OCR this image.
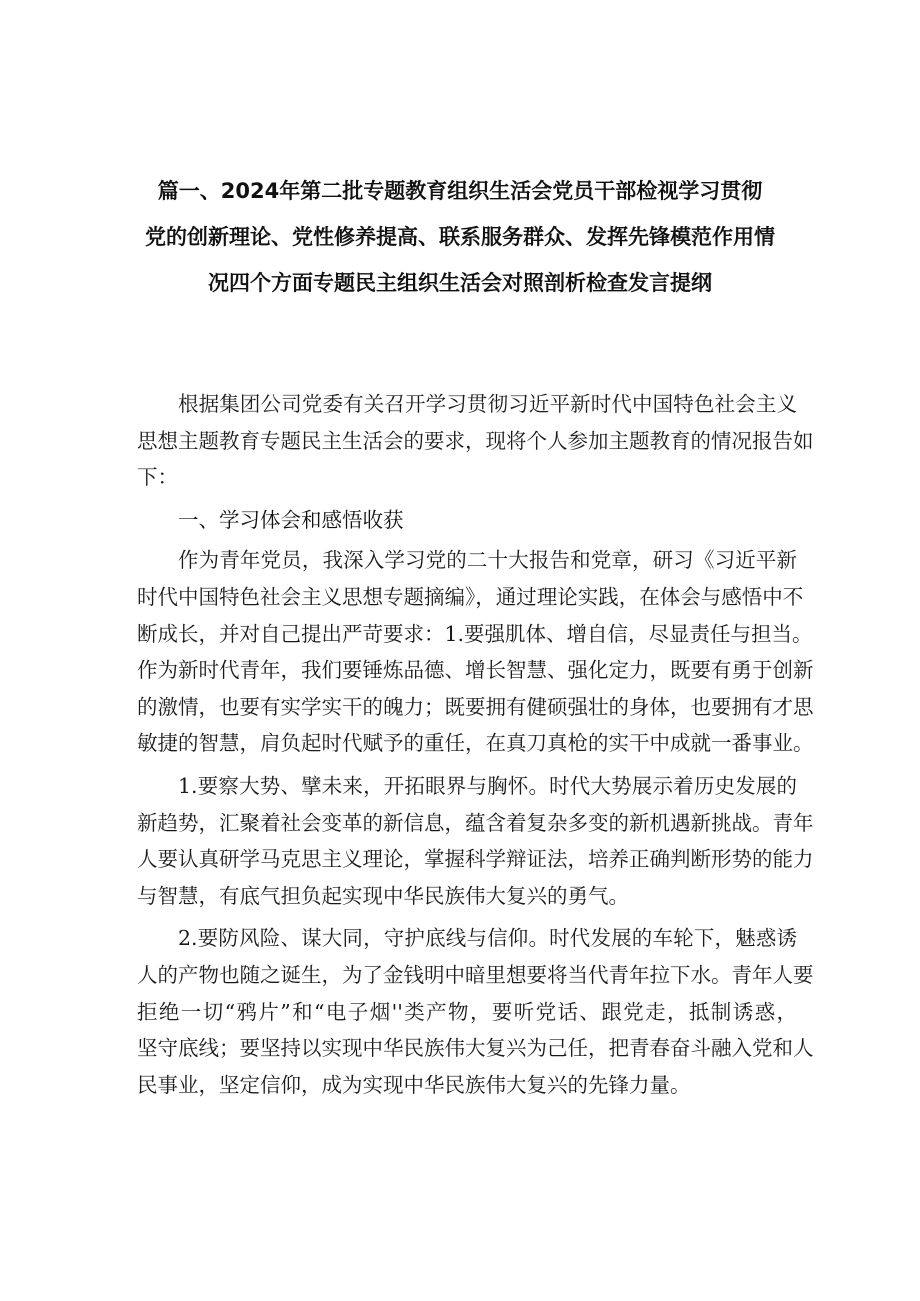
篇一、2024年第二批专题教育组织生活会党员干部检视学习贯彻
党的创新理论、党性修养提高、联系服务群众、发挥先锋模范作用情
况四个方面专题民主组织生活会对照剖析检查发言提纲
根据集团公司党委有关召开学习贯彻习近平新时代中国特色社会主义
思想主题教育专题民主生活会的要求，现将个人参加主题教育的情况报告如
下：
一、学习体会和感悟收获
作为青年党员，我深入学习党的二十大报告和党章，研习《习近平新
时代中国特色社会主义思想专题摘编》，通过理论实践，在体会与感悟中不
断成长，并对自己提出严苛要求：1.要强肌体、增自信，尽显责任与担当。
作为新时代青年，我们要锤炼品德、增长智慧、强化定力，既要有勇于创新
的激情，也要有实学实干的魄力；既要拥有健硕强壮的身体，也要拥有才思
敏捷的智慧，肩负起时代赋予的重任，在真刀真枪的实干中成就一番事业。
1.要察大势、擘未来，开拓眼界与胸怀。时代大势展示着历史发展的
新趋势，汇聚着社会变革的新信息，蕴含着复杂多变的新机遇新挑战。青年
人要认真研学马克思主义理论，掌握科学辩证法，培养正确判断形势的能力
与智慧，有底气担负起实现中华民族伟大复兴的勇气。
2.要防风险、谋大同，守护底线与信仰。时代发展的车轮下，魅惑诱
人的产物也随之诞生，为了金钱明中暗里想要将当代青年拉下水。青年人要
拒绝一切“鸦片”和“电子烟''类产物，要听党话、跟党走，抵制诱惑，
坚守底线；要坚持以实现中华民族伟大复兴为己任，把青春奋斗融入党和人
民事业，坚定信仰，成为实现中华民族伟大复兴的先锋力量。
